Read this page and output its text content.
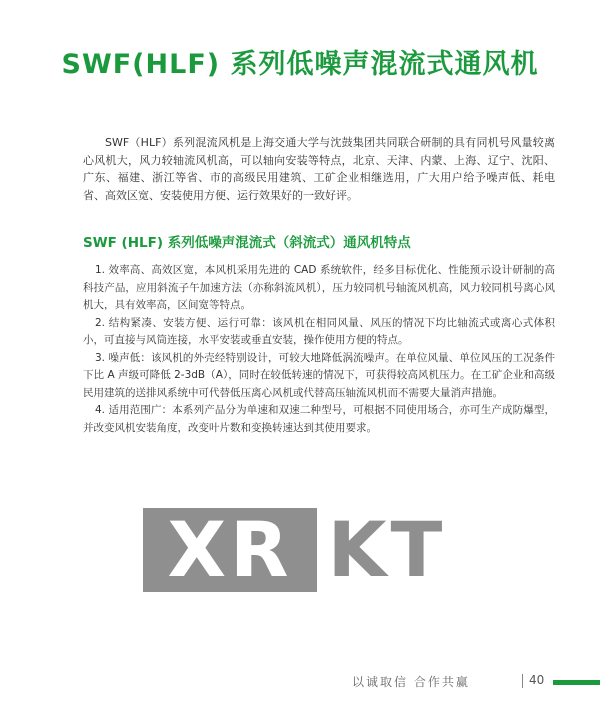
SWF(HLF) 系列低噪声混流式通风机

SWF（HLF）系列混流风机是上海交通大学与沈鼓集团共同联合研制的具有同机号风量较离心风机大，风力较轴流风机高，可以轴向安装等特点，北京、天津、内蒙、上海、辽宁、沈阳、广东、福建、浙江等省、市的高级民用建筑、工矿企业相继选用，广大用户给予噪声低、耗电省、高效区宽、安装使用方便、运行效果好的一致好评。

SWF (HLF) 系列低噪声混流式（斜流式）通风机特点

1. 效率高、高效区宽，本风机采用先进的 CAD 系统软件，经多目标优化、性能预示设计研制的高科技产品，应用斜流子午加速方法（亦称斜流风机），压力较同机号轴流风机高，风力较同机号离心风机大，具有效率高，区间宽等特点。

2. 结构紧凑、安装方便、运行可靠：该风机在相同风量、风压的情况下均比轴流式或离心式体积小，可直接与风筒连接，水平安装或垂直安装，操作使用方便的特点。

3. 噪声低：该风机的外壳经特别设计，可较大地降低涡流噪声。在单位风量、单位风压的工况条件下比 A 声级可降低 2-3dB（A），同时在较低转速的情况下，可获得较高风机压力。在工矿企业和高级民用建筑的送排风系统中可代替低压离心风机或代替高压轴流风机而不需要大量消声措施。

4. 适用范围广：本系列产品分为单速和双速二种型号，可根据不同使用场合，亦可生产成防爆型，并改变风机安装角度，改变叶片数和变换转速达到其使用要求。

XR KT
以诚取信 合作共赢	40
